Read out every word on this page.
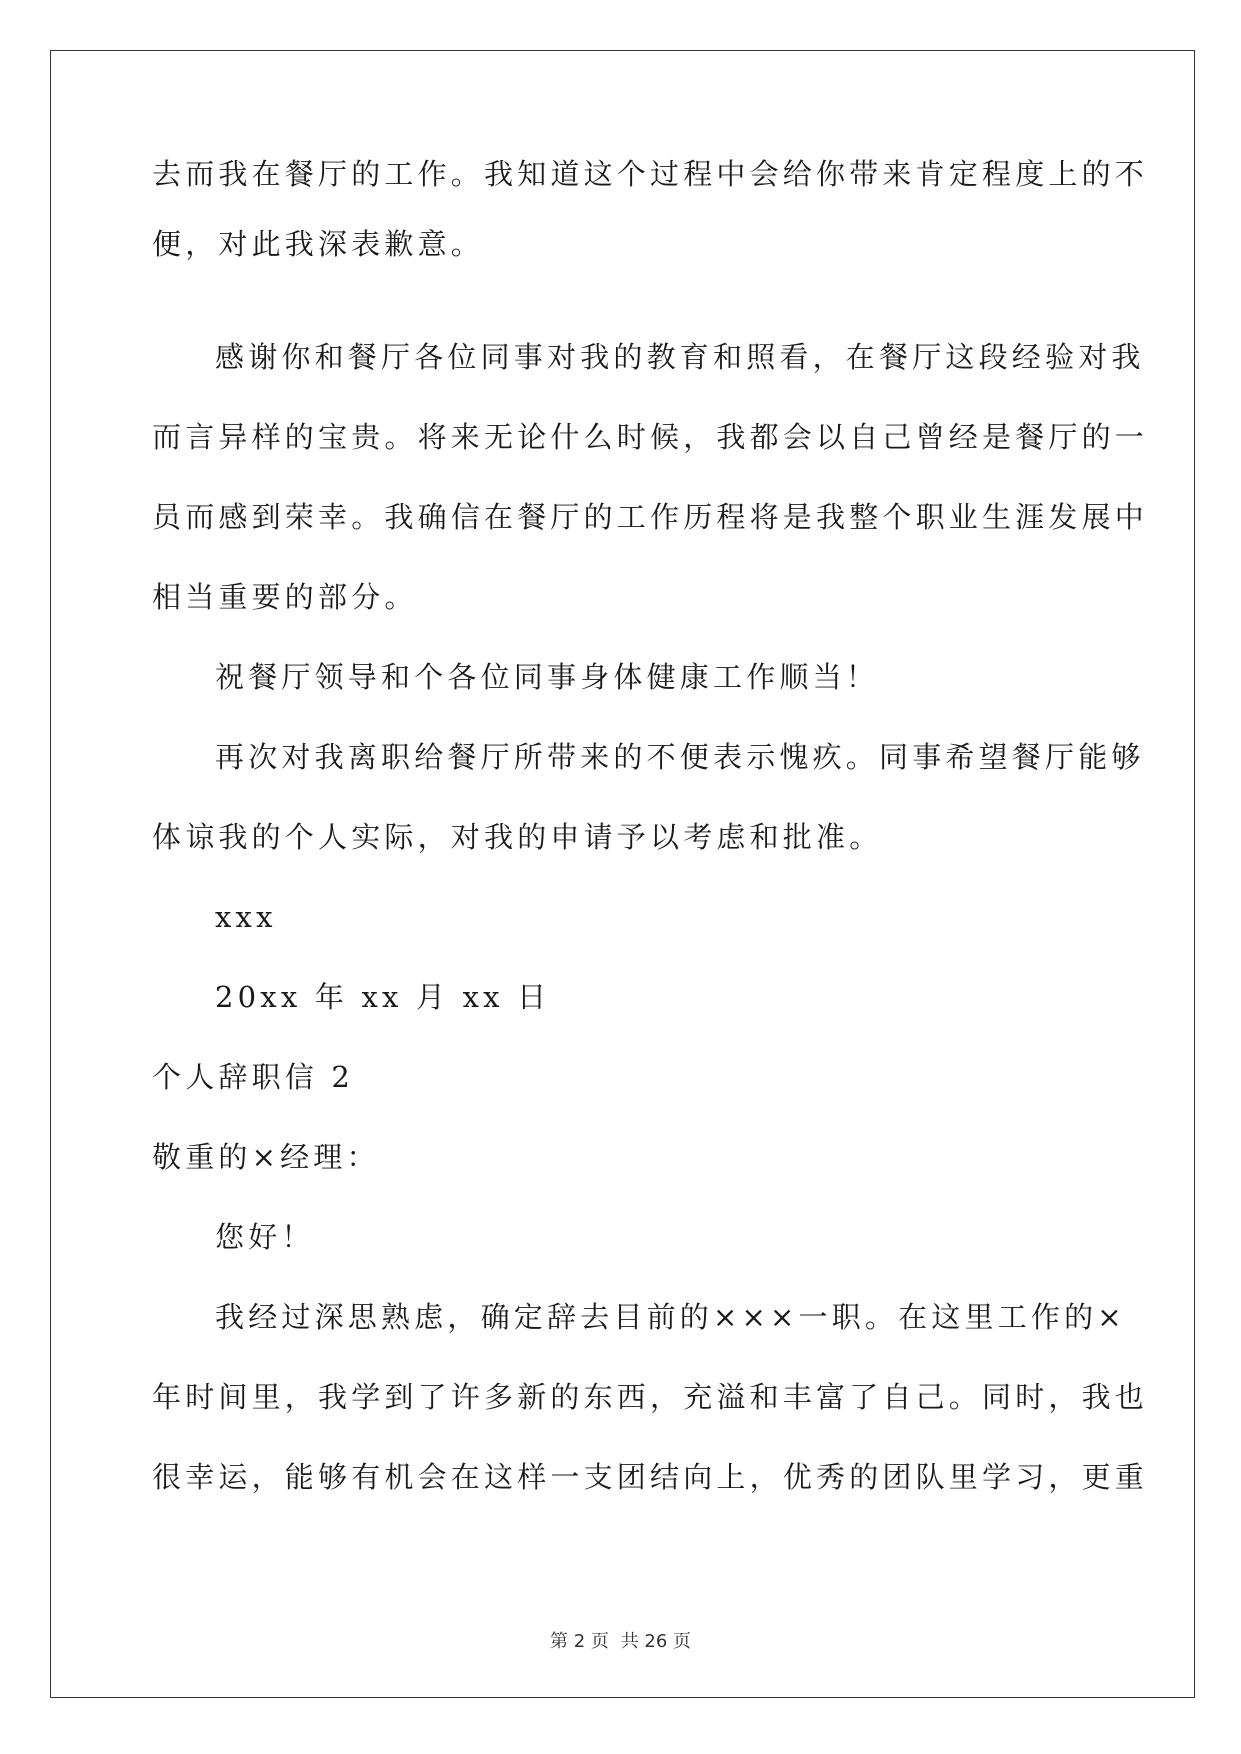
去而我在餐厅的工作。我知道这个过程中会给你带来肯定程度上的不
便，对此我深表歉意。
感谢你和餐厅各位同事对我的教育和照看，在餐厅这段经验对我
而言异样的宝贵。将来无论什么时候，我都会以自己曾经是餐厅的一
员而感到荣幸。我确信在餐厅的工作历程将是我整个职业生涯发展中
相当重要的部分。
祝餐厅领导和个各位同事身体健康工作顺当！
再次对我离职给餐厅所带来的不便表示愧疚。同事希望餐厅能够
体谅我的个人实际，对我的申请予以考虑和批准。
xxx
20xx 年 xx 月 xx 日
个人辞职信 2
敬重的×经理：
您好！
我经过深思熟虑，确定辞去目前的×××一职。在这里工作的×
年时间里，我学到了许多新的东西，充溢和丰富了自己。同时，我也
很幸运，能够有机会在这样一支团结向上，优秀的团队里学习，更重
第 2 页 共 26 页
